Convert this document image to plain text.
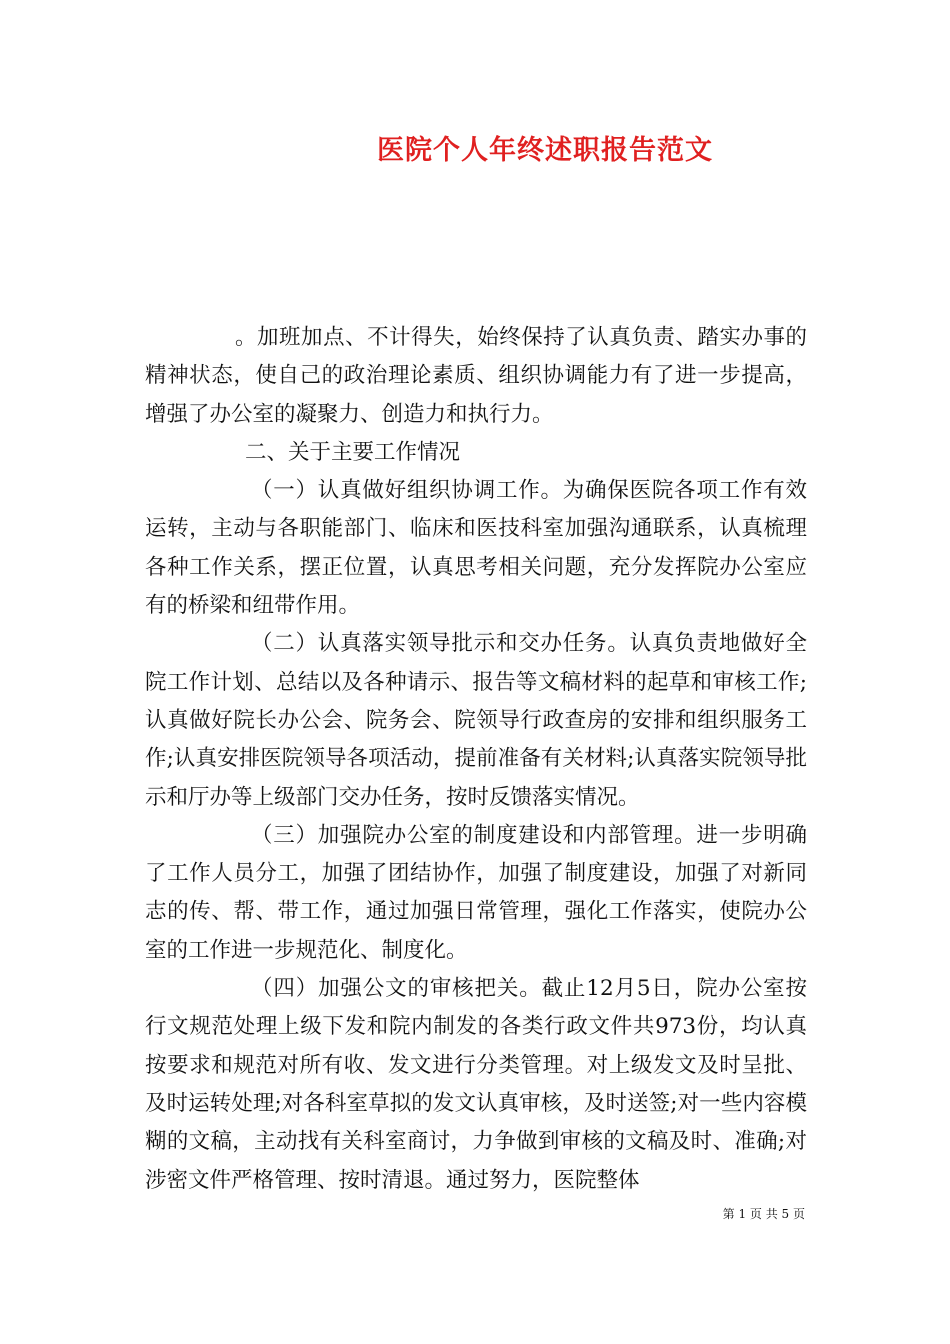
医院个人年终述职报告范文

。加班加点、不计得失，始终保持了认真负责、踏实办事的精神状态，使自己的政治理论素质、组织协调能力有了进一步提高，增强了办公室的凝聚力、创造力和执行力。

二、关于主要工作情况

（一）认真做好组织协调工作。为确保医院各项工作有效运转，主动与各职能部门、临床和医技科室加强沟通联系，认真梳理各种工作关系，摆正位置，认真思考相关问题，充分发挥院办公室应有的桥梁和纽带作用。

（二）认真落实领导批示和交办任务。认真负责地做好全院工作计划、总结以及各种请示、报告等文稿材料的起草和审核工作;认真做好院长办公会、院务会、院领导行政查房的安排和组织服务工作;认真安排医院领导各项活动，提前准备有关材料;认真落实院领导批示和厅办等上级部门交办任务，按时反馈落实情况。

（三）加强院办公室的制度建设和内部管理。进一步明确了工作人员分工，加强了团结协作，加强了制度建设，加强了对新同志的传、帮、带工作，通过加强日常管理，强化工作落实，使院办公室的工作进一步规范化、制度化。

（四）加强公文的审核把关。截止12月5日，院办公室按行文规范处理上级下发和院内制发的各类行政文件共973份，均认真按要求和规范对所有收、发文进行分类管理。对上级发文及时呈批、及时运转处理;对各科室草拟的发文认真审核，及时送签;对一些内容模糊的文稿，主动找有关科室商讨，力争做到审核的文稿及时、准确;对涉密文件严格管理、按时清退。通过努力，医院整体

第 1 页 共 5 页
